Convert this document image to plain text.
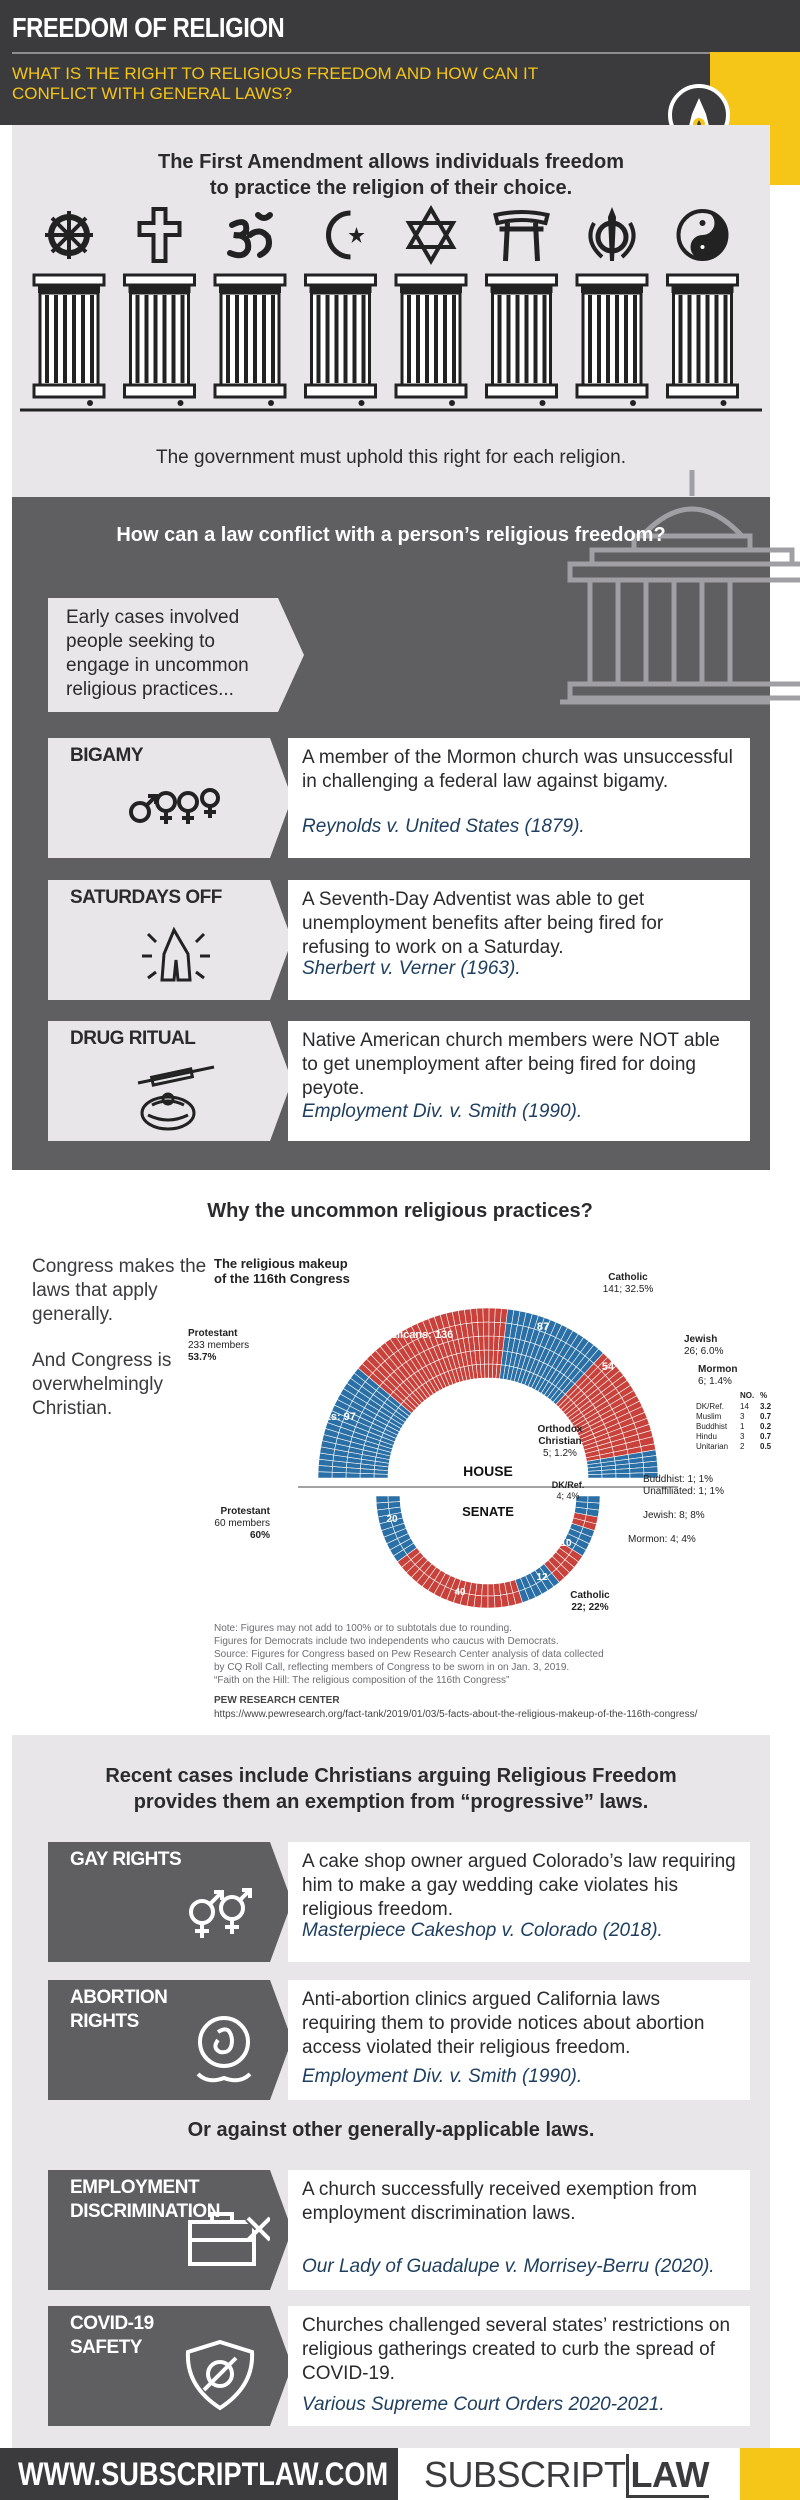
FREEDOM OF RELIGION
WHAT IS THE RIGHT TO RELIGIOUS FREEDOM AND HOW CAN IT CONFLICT WITH GENERAL LAWS?
The First Amendment allows individuals freedom
to practice the religion of their choice.
The government must uphold this right for each religion.
How can a law conflict with a person’s religious freedom?
Early cases involved people seeking to engage in uncommon religious practices...
BIGAMY	A member of the Mormon church was unsuccessful in challenging a federal law against bigamy.
Reynolds v. United States (1879).
SATURDAYS OFF	A Seventh-Day Adventist was able to get unemployment benefits after being fired for refusing to work on a Saturday.
Sherbert v. Verner (1963).
DRUG RITUAL	Native American church members were NOT able to get unemployment after being fired for doing peyote.
Employment Div. v. Smith (1990).
Why the uncommon religious practices?
Congress makes the laws that apply generally.
And Congress is overwhelmingly Christian.
HOUSE
SENATE
Republicans: 136
Democrats: 97
87
54
Protestant
233 members
53.7%
Catholic
141; 32.5%
Jewish
26; 6.0%
Mormon
6; 1.4%
Orthodox
Christian
5; 1.2%
20
40
12
10
Protestant
60 members
60%
Catholic
22; 22%
DK/Ref.
4; 4%
Buddhist: 1; 1%
Unaffiliated: 1; 1%
Jewish: 8; 8%
Mormon: 4; 4%
NO. %
DK/Ref. 14 3.2
Muslim 3 0.7
Buddhist 1 0.2
Hindu	3 0.7
Unitarian 2 0.5
The religious makeup
of the 116th Congress
Note: Figures may not add to 100% or to subtotals due to rounding.
Figures for Democrats include two independents who caucus with Democrats.
Source: Figures for Congress based on Pew Research Center analysis of data collected
by CQ Roll Call, reflecting members of Congress to be sworn in on Jan. 3, 2019.
“Faith on the Hill: The religious composition of the 116th Congress”
PEW RESEARCH CENTER
https://www.pewresearch.org/fact-tank/2019/01/03/5-facts-about-the-religious-makeup-of-the-116th-congress/
Recent cases include Christians arguing Religious Freedom
provides them an exemption from “progressive” laws.
Or against other generally-applicable laws.
GAY RIGHTS	A cake shop owner argued Colorado’s law requiring him to make a gay wedding cake violates his religious freedom.
Masterpiece Cakeshop v. Colorado (2018).
ABORTION
RIGHTS
Anti-abortion clinics argued California laws requiring them to provide notices about abortion access violated their religious freedom.
Employment Div. v. Smith (1990).
EMPLOYMENT
DISCRIMINATION
A church successfully received exemption from employment discrimination laws.
Our Lady of Guadalupe v. Morrisey-Berru (2020).
COVID-19
SAFETY
Churches challenged several states’ restrictions on religious gatherings created to curb the spread of COVID-19.
Various Supreme Court Orders 2020-2021.
WWW.SUBSCRIPTLAW.COM SUBSCRIPT LAW
